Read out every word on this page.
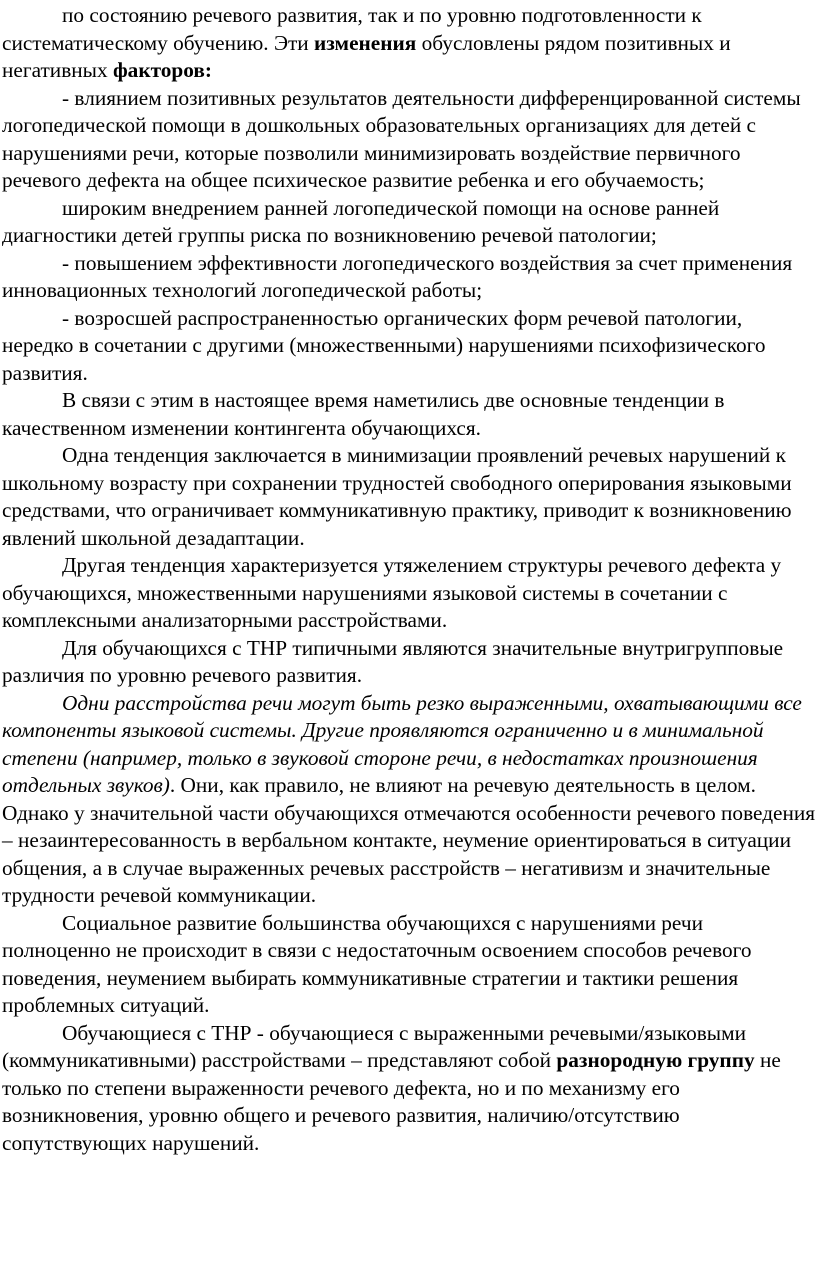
по состоянию речевого развития, так и по уровню подготовленности к систематическому обучению. Эти изменения обусловлены рядом позитивных и негативных факторов:

- влиянием позитивных результатов деятельности дифференцированной системы логопедической помощи в дошкольных образовательных организациях для детей с нарушениями речи, которые позволили минимизировать воздействие первичного речевого дефекта на общее психическое развитие ребенка и его обучаемость;

широким внедрением ранней логопедической помощи на основе ранней диагностики детей группы риска по возникновению речевой патологии;

- повышением эффективности логопедического воздействия за счет применения инновационных технологий логопедической работы;

- возросшей распространенностью органических форм речевой патологии, нередко в сочетании с другими (множественными) нарушениями психофизического развития.

В связи с этим в настоящее время наметились две основные тенденции в качественном изменении контингента обучающихся.

Одна тенденция заключается в минимизации проявлений речевых нарушений к школьному возрасту при сохранении трудностей свободного оперирования языковыми средствами, что ограничивает коммуникативную практику, приводит к возникновению явлений школьной дезадаптации.

Другая тенденция характеризуется утяжелением структуры речевого дефекта у обучающихся, множественными нарушениями языковой системы в сочетании с комплексными анализаторными расстройствами.

Для обучающихся с ТНР типичными являются значительные внутригрупповые различия по уровню речевого развития.

Одни расстройства речи могут быть резко выраженными, охватывающими все компоненты языковой системы. Другие проявляются ограниченно и в минимальной степени (например, только в звуковой стороне речи, в недостатках произношения отдельных звуков). Они, как правило, не влияют на речевую деятельность в целом. Однако у значительной части обучающихся отмечаются особенности речевого поведения – незаинтересованность в вербальном контакте, неумение ориентироваться в ситуации общения, а в случае выраженных речевых расстройств – негативизм и значительные трудности речевой коммуникации.

Социальное развитие большинства обучающихся с нарушениями речи полноценно не происходит в связи с недостаточным освоением способов речевого поведения, неумением выбирать коммуникативные стратегии и тактики решения проблемных ситуаций.

Обучающиеся с ТНР - обучающиеся с выраженными речевыми/языковыми (коммуникативными) расстройствами – представляют собой разнородную группу не только по степени выраженности речевого дефекта, но и по механизму его возникновения, уровню общего и речевого развития, наличию/отсутствию сопутствующих нарушений.
